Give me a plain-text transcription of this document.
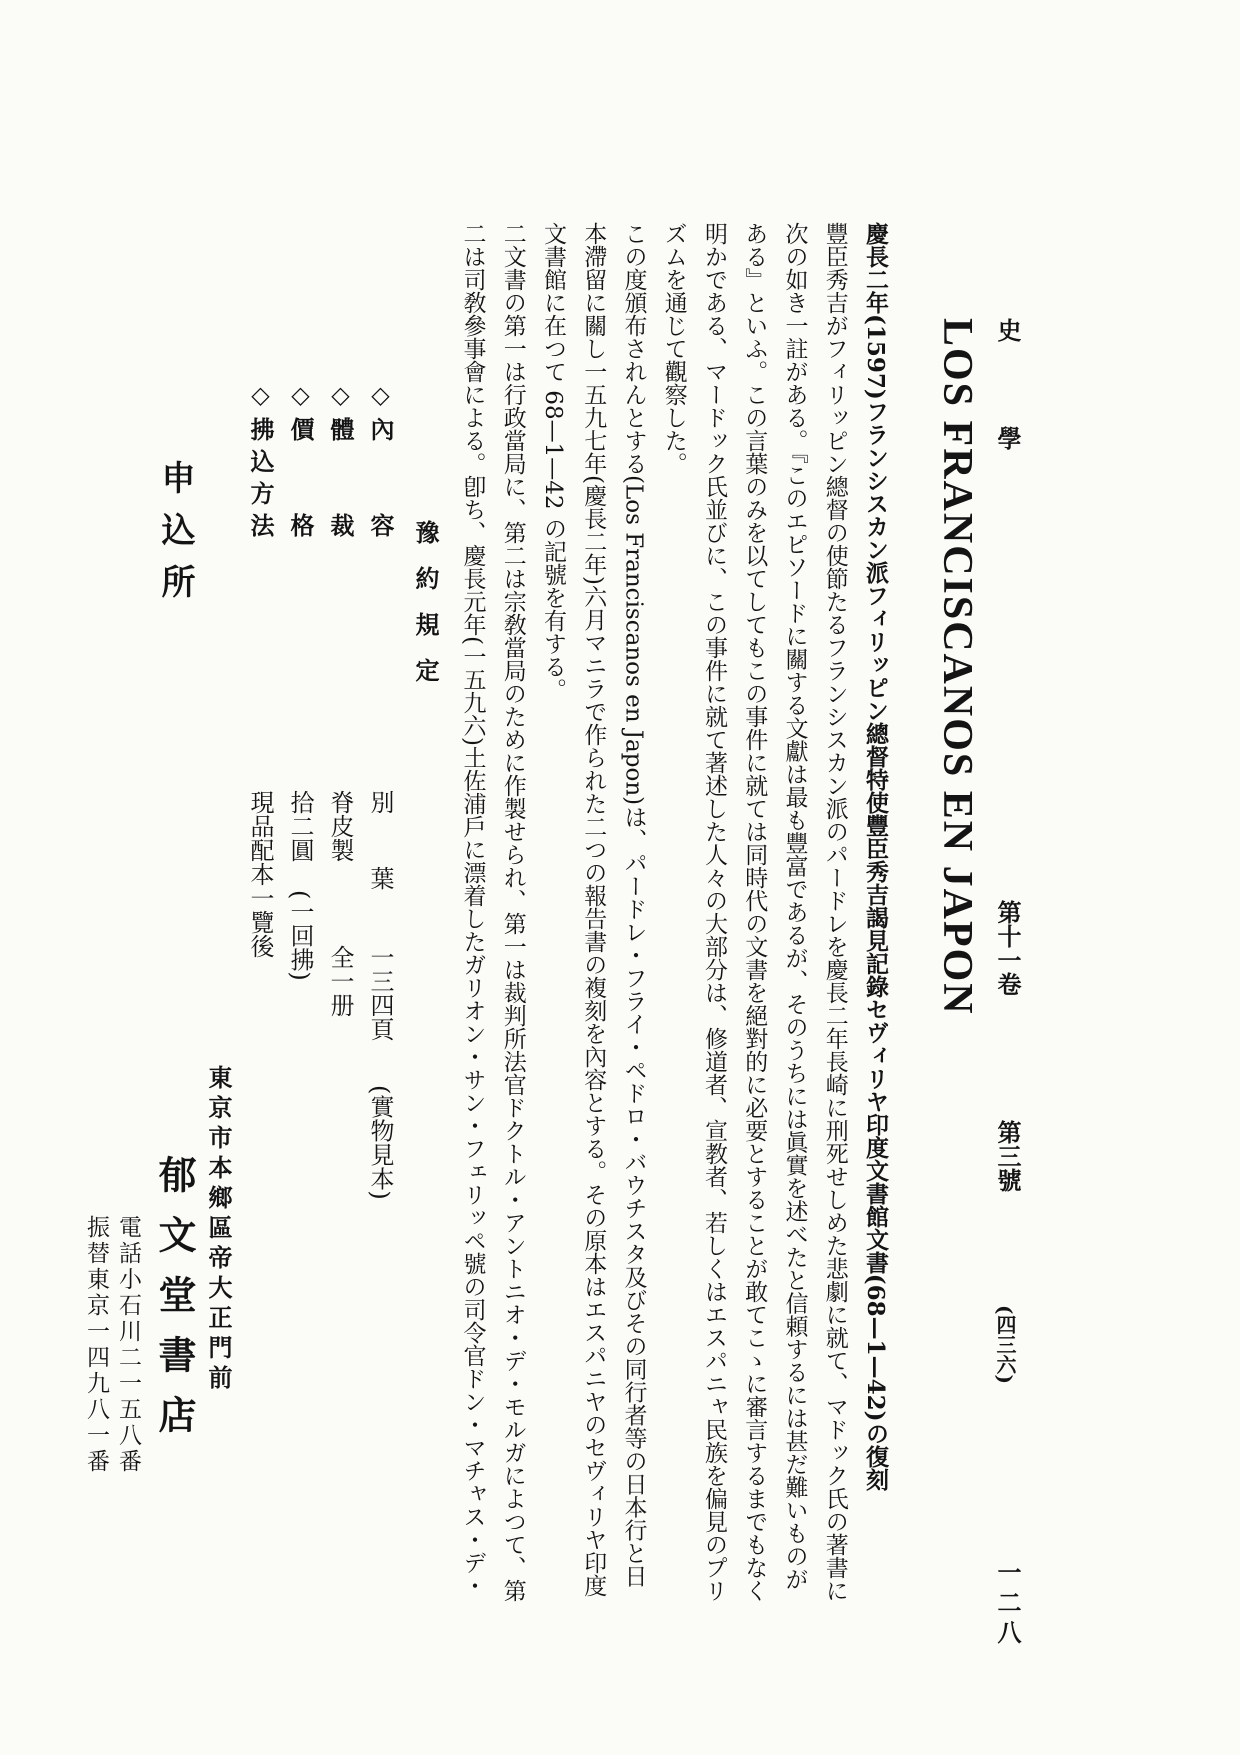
史　學
第十一卷
第三號
(四三六)
一二八
LOS FRANCISCANOS EN JAPON
慶長二年(1597)フランシスカン派フィリッピン總督特使豐臣秀吉謁見記錄セヴィリヤ印度文書館文書(68—1—42)の復刻
豐臣秀吉がフィリッピン總督の使節たるフランシスカン派のパードレを慶長二年長崎に刑死せしめた悲劇に就て、マドック氏の著書に次の如き一註がある。『このエピソードに關する文獻は最も豐富であるが、そのうちには眞實を述べたと信頼するには甚だ難いものがある』といふ。この言葉のみを以てしてもこの事件に就ては同時代の文書を絕對的に必要とすることが敢てこゝに審言するまでもなく明かである、マードック氏並びに、この事件に就て著述した人々の大部分は、修道者、宣教者、若しくはエスパニャ民族を偏見のプリズムを通じて觀察した。
この度頒布されんとする(Los Franciscanos en Japon)は、パードレ・フライ・ペドロ・バウチスタ及びその同行者等の日本行と日本滯留に關し一五九七年(慶長二年)六月マニラで作られた二つの報告書の複刻を內容とする。その原本はエスパニヤのセヴィリヤ印度文書館に在つて 68—1—42 の記號を有する。
二文書の第一は行政當局に、第二は宗敎當局のために作製せられ、第一は裁判所法官ドクトル・アントニオ・デ・モルガによつて、第二は司敎參事會による。卽ち、慶長元年(一五九六)土佐浦戶に漂着したガリオン・サン・フェリッペ號の司令官ドン・マチャス・デ・
豫約規定
◇內　　容
別　葉
一三四頁
(實物見本)
◇體　　裁
脊皮製
全一册
◇價　　格
拾二圓
(一回拂)
◇拂込方法
現品配本一覽後
申込所
東京市本鄉區帝大正門前
郁文堂書店
電話小石川二一五八番
振替東京一四九八一番
